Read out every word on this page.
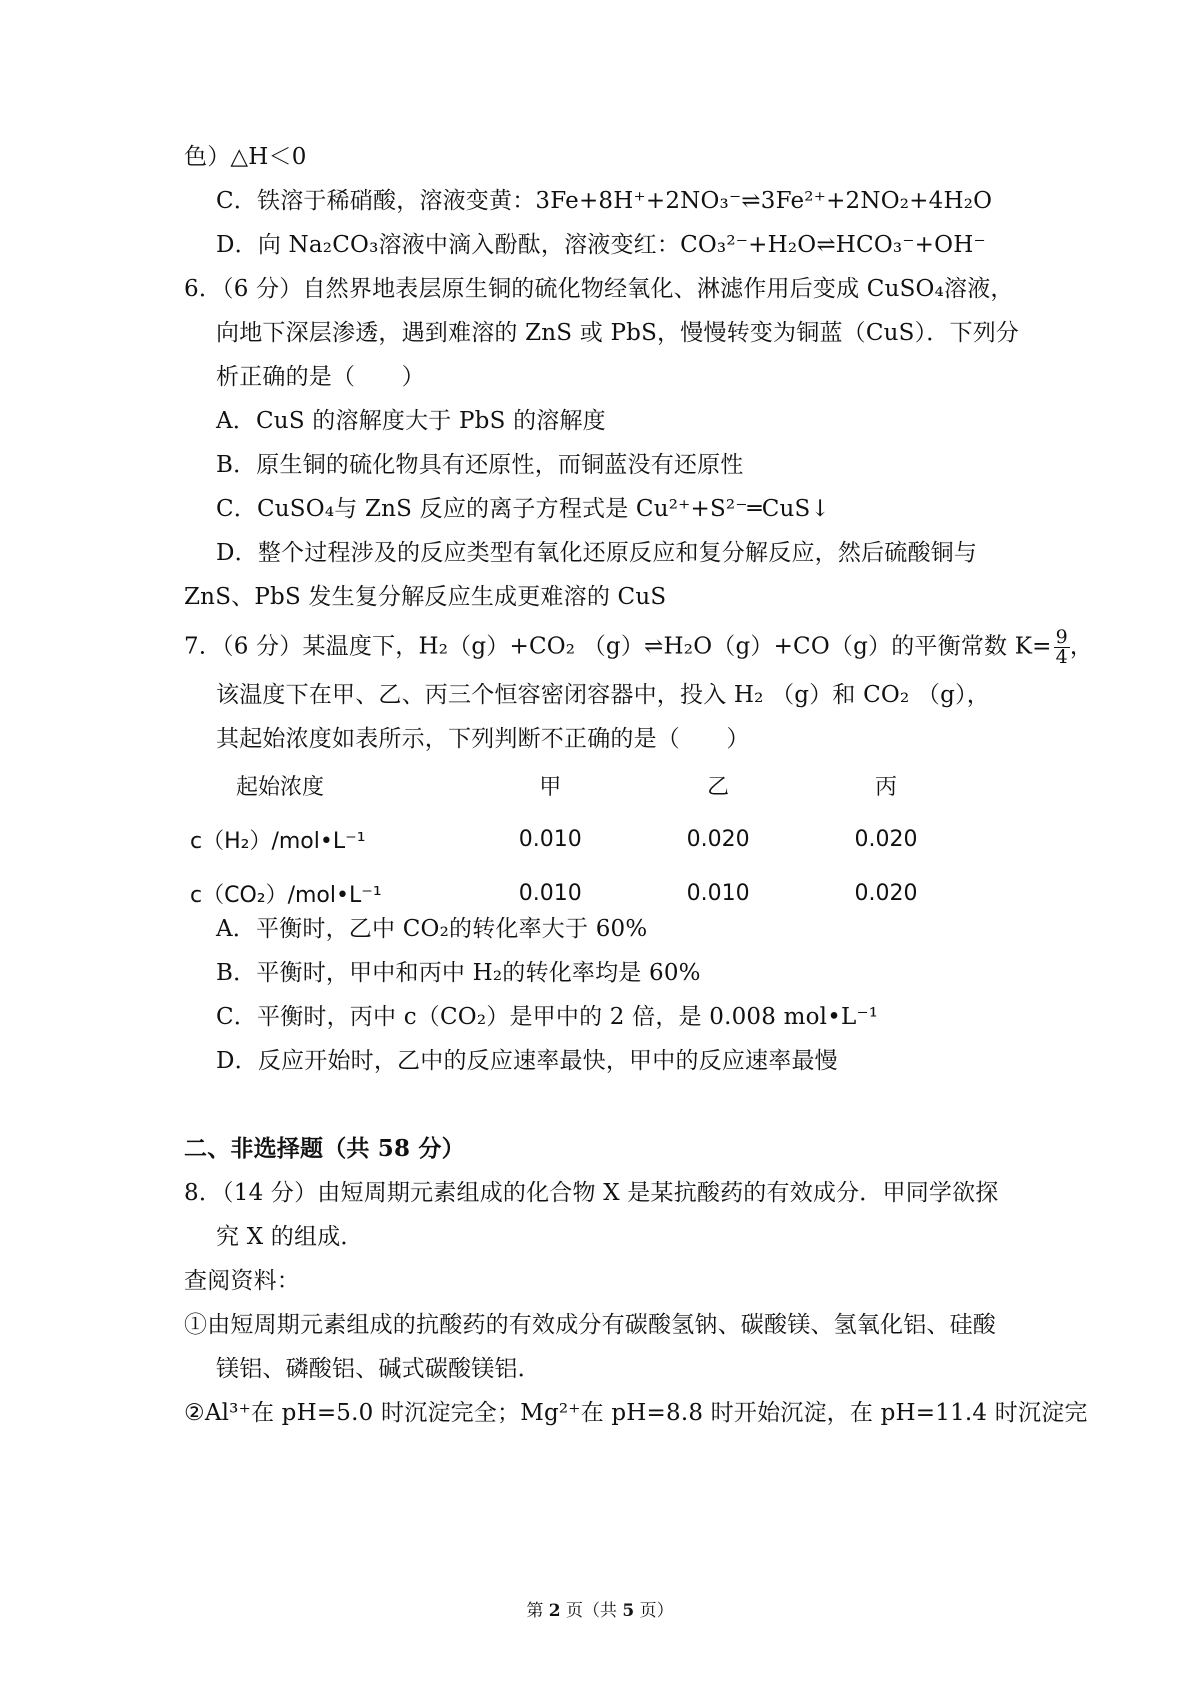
色）△H＜0
C．铁溶于稀硝酸，溶液变黄：3Fe+8H⁺+2NO₃⁻⇌3Fe²⁺+2NO₂+4H₂O
D．向 Na₂CO₃溶液中滴入酚酞，溶液变红：CO₃²⁻+H₂O⇌HCO₃⁻+OH⁻
6．（6 分）自然界地表层原生铜的硫化物经氧化、淋滤作用后变成 CuSO₄溶液，
向地下深层渗透，遇到难溶的 ZnS 或 PbS，慢慢转变为铜蓝（CuS）．下列分
析正确的是（　　）
A．CuS 的溶解度大于 PbS 的溶解度
B．原生铜的硫化物具有还原性，而铜蓝没有还原性
C．CuSO₄与 ZnS 反应的离子方程式是 Cu²⁺+S²⁻═CuS↓
D．整个过程涉及的反应类型有氧化还原反应和复分解反应，然后硫酸铜与
ZnS、PbS 发生复分解反应生成更难溶的 CuS
7．（6 分）某温度下，H₂（g）+CO₂ （g）⇌H₂O（g）+CO（g）的平衡常数 $K= \frac{9}{4}$ ，
该温度下在甲、乙、丙三个恒容密闭容器中，投入 H₂ （g）和 CO₂ （g），
其起始浓度如表所示，下列判断不正确的是（　　）
起始浓度	甲	乙	丙
c（H₂）/mol•L⁻¹	0.010	0.020	0.020
c（CO₂）/mol•L⁻¹	0.010	0.010	0.020
A．平衡时，乙中 CO₂的转化率大于 60%
B．平衡时，甲中和丙中 H₂的转化率均是 60%
C．平衡时，丙中 c（CO₂）是甲中的 2 倍，是 0.008 mol•L⁻¹
D．反应开始时，乙中的反应速率最快，甲中的反应速率最慢
二、非选择题（共 58 分）
8．（14 分）由短周期元素组成的化合物 X 是某抗酸药的有效成分．甲同学欲探
究 X 的组成．
查阅资料：
①由短周期元素组成的抗酸药的有效成分有碳酸氢钠、碳酸镁、氢氧化铝、硅酸
镁铝、磷酸铝、碱式碳酸镁铝．
②Al³⁺在 pH=5.0 时沉淀完全；Mg²⁺在 pH=8.8 时开始沉淀，在 pH=11.4 时沉淀完
第 2 页（共 5 页）
